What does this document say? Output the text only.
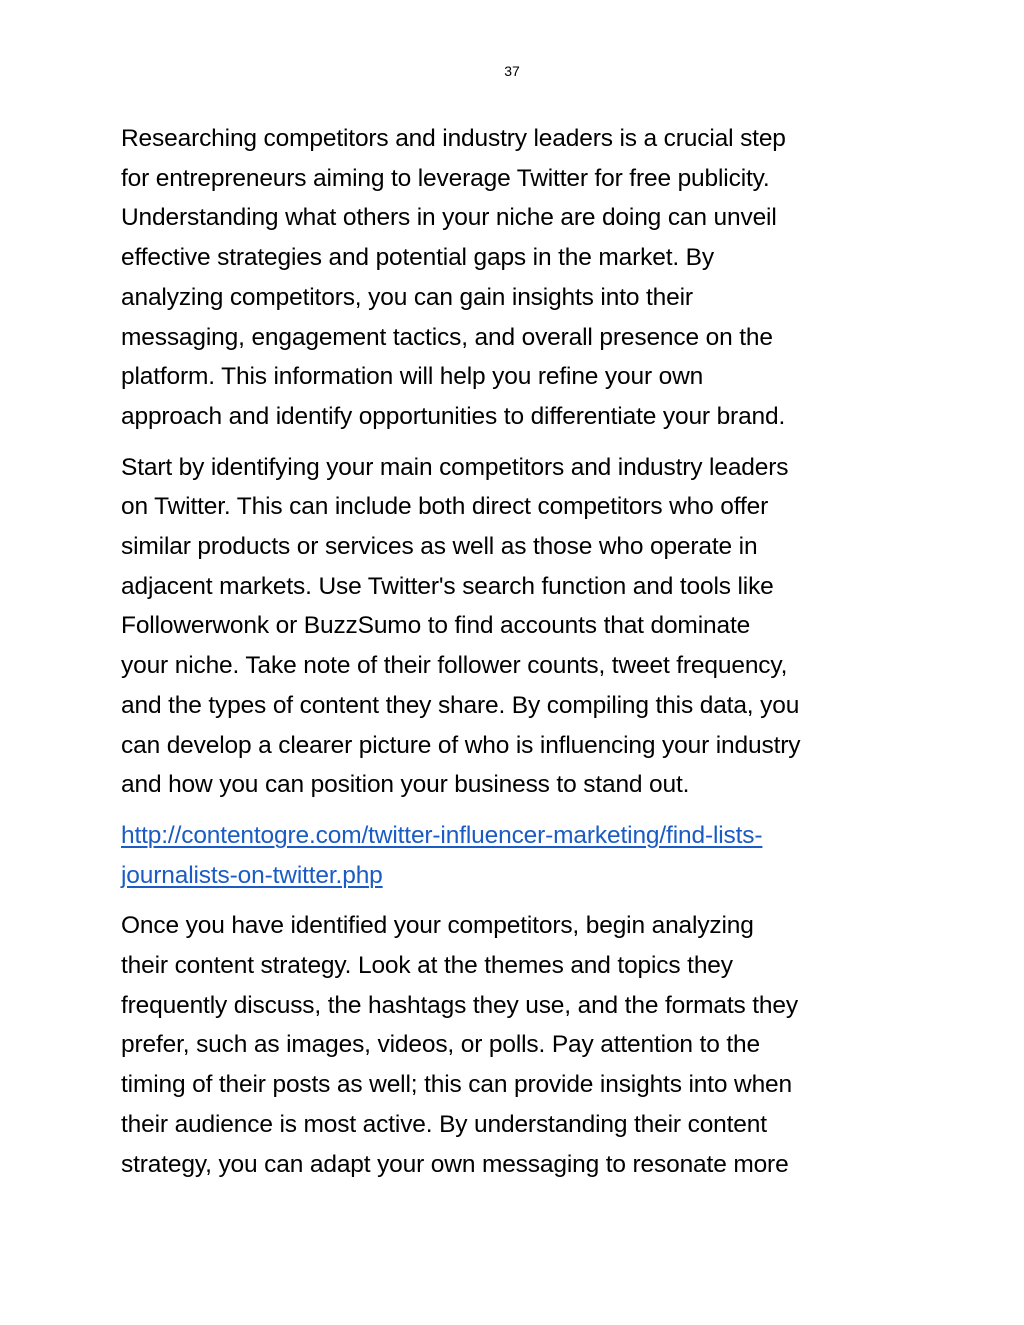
37

Researching competitors and industry leaders is a crucial step
for entrepreneurs aiming to leverage Twitter for free publicity.
Understanding what others in your niche are doing can unveil
effective strategies and potential gaps in the market. By
analyzing competitors, you can gain insights into their
messaging, engagement tactics, and overall presence on the
platform. This information will help you refine your own
approach and identify opportunities to differentiate your brand.

Start by identifying your main competitors and industry leaders
on Twitter. This can include both direct competitors who offer
similar products or services as well as those who operate in
adjacent markets. Use Twitter's search function and tools like
Followerwonk or BuzzSumo to find accounts that dominate
your niche. Take note of their follower counts, tweet frequency,
and the types of content they share. By compiling this data, you
can develop a clearer picture of who is influencing your industry
and how you can position your business to stand out.

http://contentogre.com/twitter-influencer-marketing/find-lists-
journalists-on-twitter.php

Once you have identified your competitors, begin analyzing
their content strategy. Look at the themes and topics they
frequently discuss, the hashtags they use, and the formats they
prefer, such as images, videos, or polls. Pay attention to the
timing of their posts as well; this can provide insights into when
their audience is most active. By understanding their content
strategy, you can adapt your own messaging to resonate more
